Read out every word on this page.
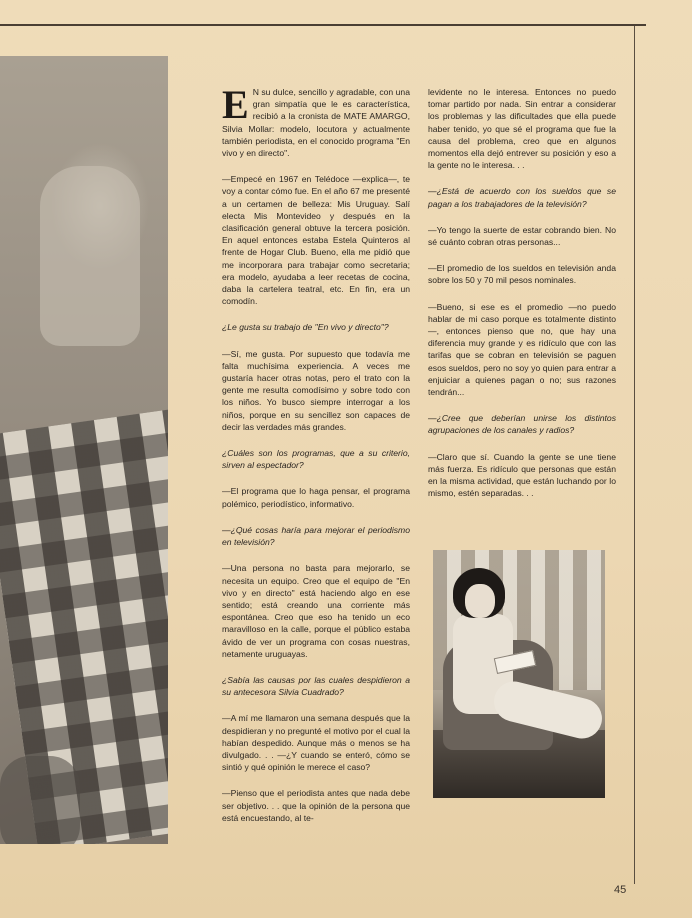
E N su dulce, sencillo y agradable, con una gran simpatía que le es característica, recibió a la cronista de MATE AMARGO, Silvia Mollar: modelo, locutora y actualmente también periodista, en el conocido programa "En vivo y en directo".

—Empecé en 1967 en Telédoce —explica—, te voy a contar cómo fue. En el año 67 me presenté a un certamen de belleza: Mis Uruguay. Salí electa Mis Montevideo y después en la clasificación general obtuve la tercera posición. En aquel entonces estaba Estela Quinteros al frente de Hogar Club. Bueno, ella me pidió que me incorporara para trabajar como secretaria; era modelo, ayudaba a leer recetas de cocina, daba la cartelera teatral, etc. En fin, era un comodín.

¿Le gusta su trabajo de "En vivo y directo"?

—Sí, me gusta. Por supuesto que todavía me falta muchísima experiencia. A veces me gustaría hacer otras notas, pero el trato con la gente me resulta comodísimo y sobre todo con los niños. Yo busco siempre interrogar a los niños, porque en su sencillez son capaces de decir las verdades más grandes.

¿Cuáles son los programas, que a su criterio, sirven al espectador?

—El programa que lo haga pensar, el programa polémico, periodístico, informativo.

—¿Qué cosas haría para mejorar el periodismo en televisión?

—Una persona no basta para mejorarlo, se necesita un equipo. Creo que el equipo de "En vivo y en directo" está haciendo algo en ese sentido; está creando una corriente más espontánea. Creo que eso ha tenido un eco maravilloso en la calle, porque el público estaba ávido de ver un programa con cosas nuestras, netamente uruguayas.

¿Sabía las causas por las cuales despidieron a su antecesora Silvia Cuadrado?

—A mí me llamaron una semana después que la despidieran y no pregunté el motivo por el cual la habían despedido. Aunque más o menos se ha divulgado. . . —¿Y cuando se enteró, cómo se sintió y qué opinión le merece el caso?

—Pienso que el periodista antes que nada debe ser objetivo. . . que la opinión de la persona que está encuestando, al te-

levidente no le interesa. Entonces no puedo tomar partido por nada. Sin entrar a considerar los problemas y las dificultades que ella puede haber tenido, yo que sé el programa que fue la causa del problema, creo que en algunos momentos ella dejó entrever su posición y eso a la gente no le interesa. . .

—¿Está de acuerdo con los sueldos que se pagan a los trabajadores de la televisión?

—Yo tengo la suerte de estar cobrando bien. No sé cuánto cobran otras personas...

—El promedio de los sueldos en televisión anda sobre los 50 y 70 mil pesos nominales.

—Bueno, si ese es el promedio —no puedo hablar de mi caso porque es totalmente distinto—, entonces pienso que no, que hay una diferencia muy grande y es ridículo que con las tarifas que se cobran en televisión se paguen esos sueldos, pero no soy yo quien para entrar a enjuiciar a quienes pagan o no; sus razones tendrán...

—¿Cree que deberían unirse los distintos agrupaciones de los canales y radios?

—Claro que sí. Cuando la gente se une tiene más fuerza. Es ridículo que personas que están en la misma actividad, que están luchando por lo mismo, estén separadas. . .

45
